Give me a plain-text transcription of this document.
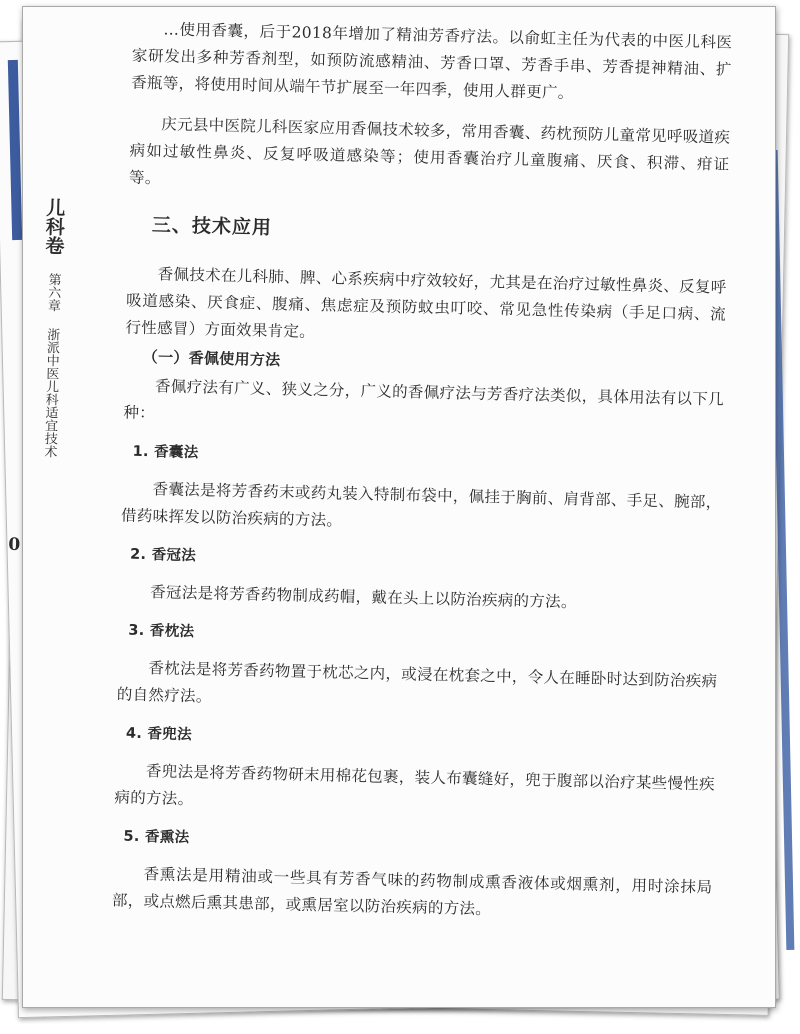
儿科卷
第六章
浙派中医儿科适宜技术
0

…使用香囊，后于2018年增加了精油芳香疗法。以俞虹主任为代表的中医儿科医家研发出多种芳香剂型，如预防流感精油、芳香口罩、芳香手串、芳香提神精油、扩香瓶等，将使用时间从端午节扩展至一年四季，使用人群更广。

庆元县中医院儿科医家应用香佩技术较多，常用香囊、药枕预防儿童常见呼吸道疾病如过敏性鼻炎、反复呼吸道感染等；使用香囊治疗儿童腹痛、厌食、积滞、疳证等。

三、技术应用

香佩技术在儿科肺、脾、心系疾病中疗效较好，尤其是在治疗过敏性鼻炎、反复呼吸道感染、厌食症、腹痛、焦虑症及预防蚊虫叮咬、常见急性传染病（手足口病、流行性感冒）方面效果肯定。

（一）香佩使用方法

香佩疗法有广义、狭义之分，广义的香佩疗法与芳香疗法类似，具体用法有以下几种：

1. 香囊法

香囊法是将芳香药末或药丸装入特制布袋中，佩挂于胸前、肩背部、手足、腕部，借药味挥发以防治疾病的方法。

2. 香冠法

香冠法是将芳香药物制成药帽，戴在头上以防治疾病的方法。

3. 香枕法

香枕法是将芳香药物置于枕芯之内，或浸在枕套之中，令人在睡卧时达到防治疾病的自然疗法。

4. 香兜法

香兜法是将芳香药物研末用棉花包裹，装人布囊缝好，兜于腹部以治疗某些慢性疾病的方法。

5. 香熏法

香熏法是用精油或一些具有芳香气味的药物制成熏香液体或烟熏剂，用时涂抹局部，或点燃后熏其患部，或熏居室以防治疾病的方法。
